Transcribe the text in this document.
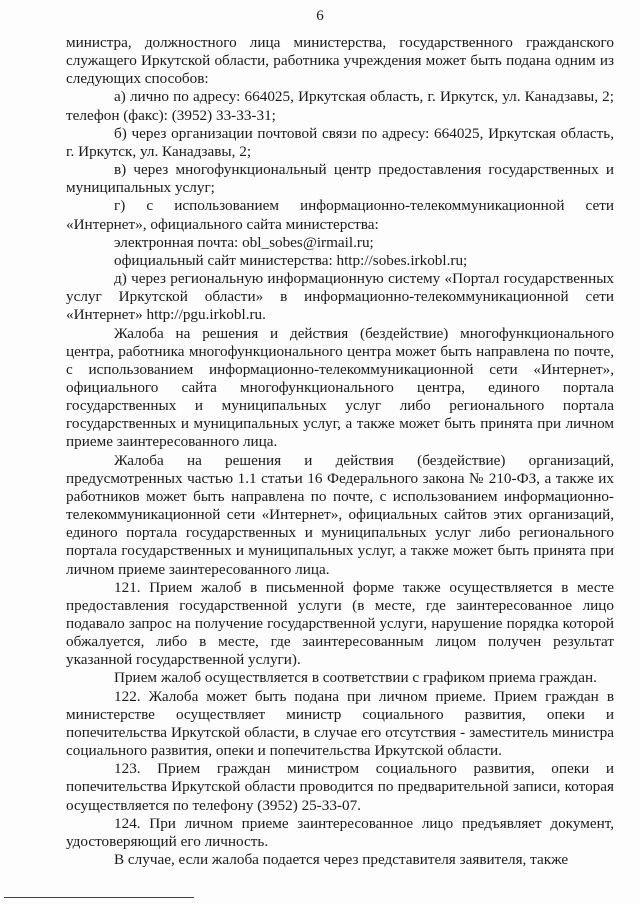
6

министра, должностного лица министерства, государственного гражданского служащего Иркутской области, работника учреждения может быть подана одним из следующих способов:

а) лично по адресу: 664025, Иркутская область, г. Иркутск, ул. Канадзавы, 2; телефон (факс): (3952) 33-33-31;

б) через организации почтовой связи по адресу: 664025, Иркутская область, г. Иркутск, ул. Канадзавы, 2;

в) через многофункциональный центр предоставления государственных и муниципальных услуг;

г) с использованием информационно-телекоммуникационной сети «Интернет», официального сайта министерства:

электронная почта: obl_sobes@irmail.ru;

официальный сайт министерства: http://sobes.irkobl.ru;

д) через региональную информационную систему «Портал государственных услуг Иркутской области» в информационно-телекоммуникационной сети «Интернет» http://pgu.irkobl.ru.

Жалоба на решения и действия (бездействие) многофункционального центра, работника многофункционального центра может быть направлена по почте, с использованием информационно-телекоммуникационной сети «Интернет», официального сайта многофункционального центра, единого портала государственных и муниципальных услуг либо регионального портала государственных и муниципальных услуг, а также может быть принята при личном приеме заинтересованного лица.

Жалоба на решения и действия (бездействие) организаций, предусмотренных частью 1.1 статьи 16 Федерального закона № 210-ФЗ, а также их работников может быть направлена по почте, с использованием информационно-телекоммуникационной сети «Интернет», официальных сайтов этих организаций, единого портала государственных и муниципальных услуг либо регионального портала государственных и муниципальных услуг, а также может быть принята при личном приеме заинтересованного лица.

121. Прием жалоб в письменной форме также осуществляется в месте предоставления государственной услуги (в месте, где заинтересованное лицо подавало запрос на получение государственной услуги, нарушение порядка которой обжалуется, либо в месте, где заинтересованным лицом получен результат указанной государственной услуги).

Прием жалоб осуществляется в соответствии с графиком приема граждан.

122. Жалоба может быть подана при личном приеме. Прием граждан в министерстве осуществляет министр социального развития, опеки и попечительства Иркутской области, в случае его отсутствия - заместитель министра социального развития, опеки и попечительства Иркутской области.

123. Прием граждан министром социального развития, опеки и попечительства Иркутской области проводится по предварительной записи, которая осуществляется по телефону (3952) 25-33-07.

124. При личном приеме заинтересованное лицо предъявляет документ, удостоверяющий его личность.

В случае, если жалоба подается через представителя заявителя, также
